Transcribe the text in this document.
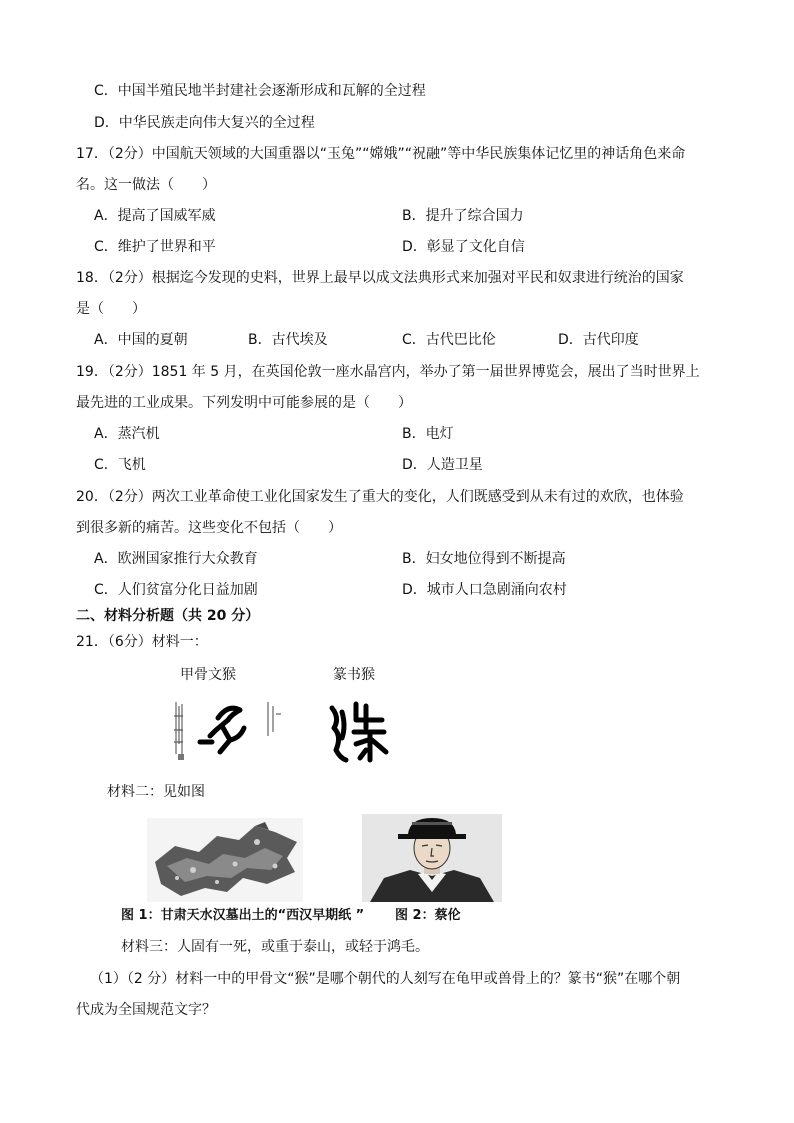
C．中国半殖民地半封建社会逐渐形成和瓦解的全过程
D．中华民族走向伟大复兴的全过程
17．（2分）中国航天领域的大国重器以“玉兔”“嫦娥”“祝融”等中华民族集体记忆里的神话角色来命
名。这一做法（　　）
A．提高了国威军威	B．提升了综合国力
C．维护了世界和平	D．彰显了文化自信
18．（2分）根据迄今发现的史料，世界上最早以成文法典形式来加强对平民和奴隶进行统治的国家
是（　　）
A．中国的夏朝	B．古代埃及	C．古代巴比伦	D．古代印度
19．（2分）1851 年 5 月，在英国伦敦一座水晶宫内，举办了第一届世界博览会，展出了当时世界上
最先进的工业成果。下列发明中可能参展的是（　　）
A．蒸汽机	B．电灯
C．飞机	D．人造卫星
20．（2分）两次工业革命使工业化国家发生了重大的变化，人们既感受到从未有过的欢欣，也体验
到很多新的痛苦。这些变化不包括（　　）
A．欧洲国家推行大众教育	B．妇女地位得到不断提高
C．人们贫富分化日益加剧	D．城市人口急剧涌向农村
二、材料分析题（共 20 分）
21．（6分）材料一：
甲骨文猴	篆书猴
材料二：见如图
图 1：甘肃天水汉墓出土的“西汉早期纸 ” 图 2：蔡伦
材料三：人固有一死，或重于泰山，或轻于鸿毛。
（1）（2 分）材料一中的甲骨文“猴”是哪个朝代的人刻写在龟甲或兽骨上的？篆书“猴”在哪个朝
代成为全国规范文字？
